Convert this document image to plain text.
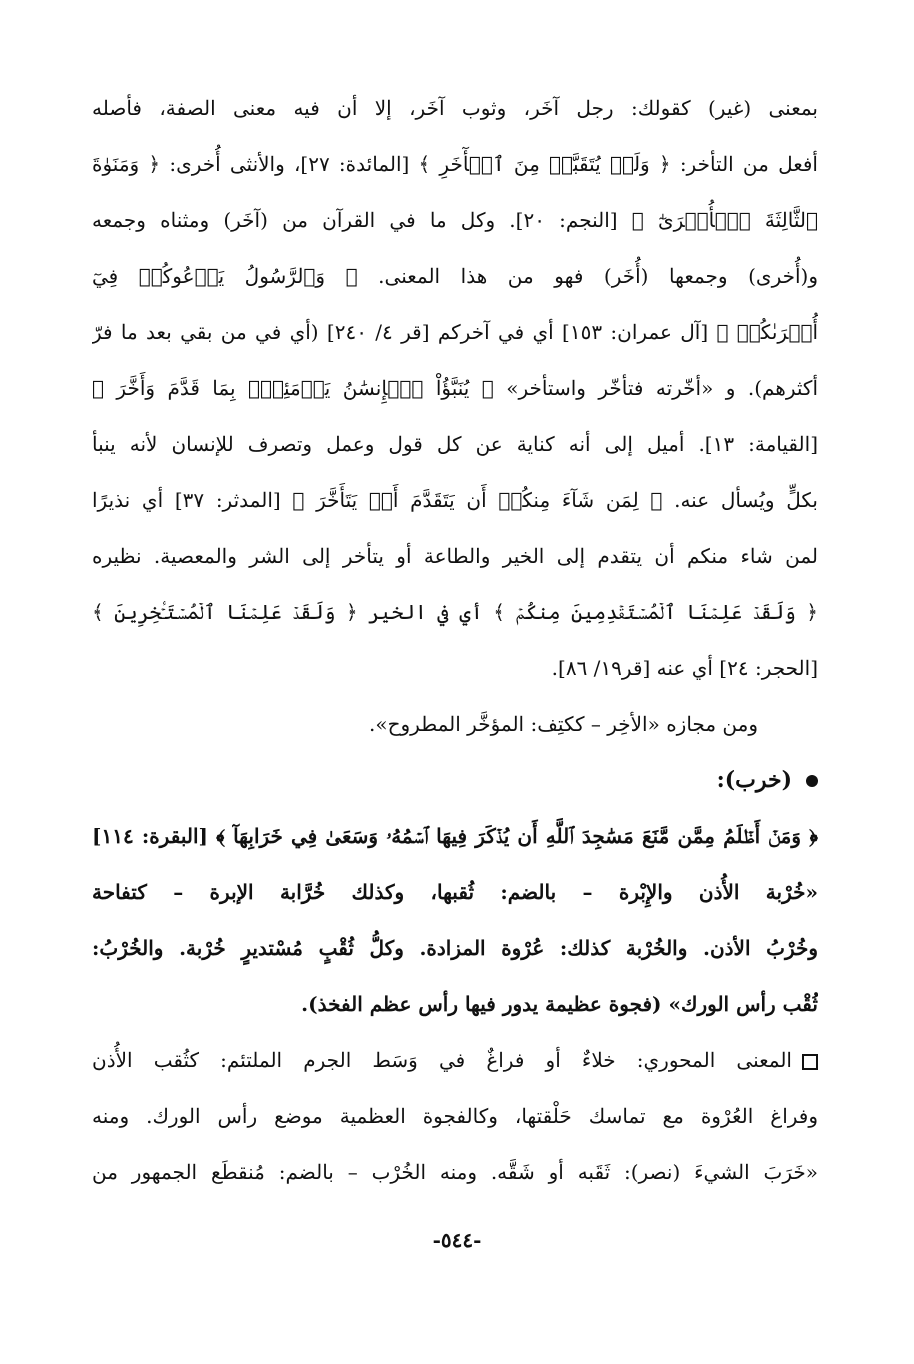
بمعنى (غير) كقولك: رجل آخَر، وثوب آخَر، إلا أن فيه معنى الصفة، فأصله
أفعل من التأخر: ﴿ وَلَمۡ يُتَقَبَّلۡ مِنَ ٱلۡأٓخَرِ ﴾ [المائدة: ٢٧]، والأنثى أُخرى: ﴿ وَمَنَوٰةَ
ٱلثَّالِثَةَ ٱلۡأُخۡرَىٰٓ ﴾ [النجم: ٢٠]. وكل ما في القرآن من (آخَر) ومثناه وجمعه
و(أُخرى) وجمعها (أُخَر) فهو من هذا المعنى. ﴿ وَٱلرَّسُولُ يَدۡعُوكُمۡ فِيٓ
أُخۡرَىٰكُمۡ ﴾ [آل عمران: ١٥٣] أي في آخركم [قر ٤/ ٢٤٠] (أي في من بقي بعد ما فرّ
أكثرهم). و «أخّرته فتأخّر واستأخر» ﴿ يُنَبَّؤُاْ ٱلۡإِنسَٰنُ يَوۡمَئِذِۭ بِمَا قَدَّمَ وَأَخَّرَ ﴾
[القيامة: ١٣]. أميل إلى أنه كناية عن كل قول وعمل وتصرف للإنسان لأنه ينبأ
بكلٍّ ويُسأل عنه. ﴿ لِمَن شَآءَ مِنكُمۡ أَن يَتَقَدَّمَ أَوۡ يَتَأَخَّرَ ﴾ [المدثر: ٣٧] أي نذيرًا
لمن شاء منكم أن يتقدم إلى الخير والطاعة أو يتأخر إلى الشر والمعصية. نظيره
﴿ وَلَقَدۡ عَلِمۡنَا ٱلۡمُسۡتَقۡدِمِينَ مِنكُمۡ ﴾ أي في الخير ﴿ وَلَقَدۡ عَلِمۡنَا ٱلۡمُسۡتَـٔۡخِرِينَ ﴾
[الحجر: ٢٤] أي عنه [قر١٩/ ٨٦].
ومن مجازه «الأخِر – ككتِف: المؤخَّر المطروح».
(خرب):
﴿ وَمَنۡ أَظۡلَمُ مِمَّن مَّنَعَ مَسَٰجِدَ ٱللَّهِ أَن يُذۡكَرَ فِيهَا ٱسۡمُهُۥ وَسَعَىٰ فِي خَرَابِهَآ ﴾ [البقرة: ١١٤]
«خُرْبة الأُذن والإِبْرة – بالضم: ثُقبها، وكذلك خُرَّابة الإبرة – كتفاحة
وخُرْبُ الأذن. والخُرْبة كذلك: عُرْوة المزادة. وكلُّ ثُقْبٍ مُسْتديرٍ خُرْبة. والخُرْبُ:
ثُقْب رأس الورك» (فجوة عظيمة يدور فيها رأس عظم الفخذ).
المعنى المحوري: خلاءٌ أو فراغٌ في وَسَط الجرم الملتئم: كثُقب الأُذن
وفراغ العُرْوة مع تماسك حَلْقتها، وكالفجوة العظمية موضع رأس الورك. ومنه
«خَرَبَ الشيءَ (نصر): ثَقَبه أو شَقَّه. ومنه الخُرْب – بالضم: مُنقطَع الجمهور من
-٥٤٤-
